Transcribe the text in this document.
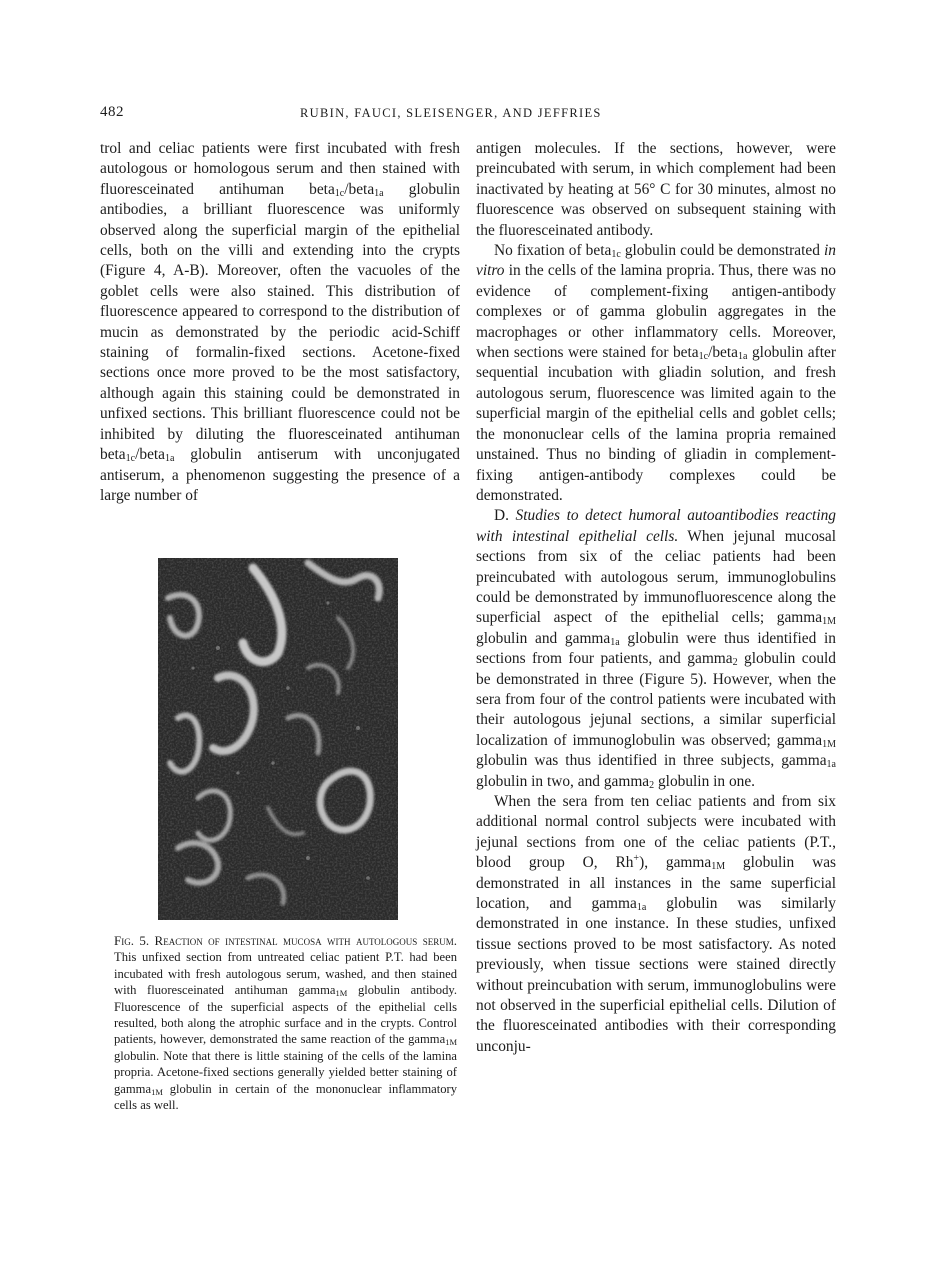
482	RUBIN, FAUCI, SLEISENGER, AND JEFFRIES

trol and celiac patients were first incubated with fresh autologous or homologous serum and then stained with fluoresceinated antihuman beta$_{1c}$/beta$_{1a}$ globulin antibodies, a brilliant fluorescence was uniformly observed along the superficial margin of the epithelial cells, both on the villi and extending into the crypts (Figure 4, A-B). Moreover, often the vacuoles of the goblet cells were also stained. This distribution of fluorescence appeared to correspond to the distribution of mucin as demonstrated by the periodic acid-Schiff staining of formalin-fixed sections. Acetone-fixed sections once more proved to be the most satisfactory, although again this staining could be demonstrated in unfixed sections. This brilliant fluorescence could not be inhibited by diluting the fluoresceinated antihuman beta$_{1c}$/beta$_{1a}$ globulin antiserum with unconjugated antiserum, a phenomenon suggesting the presence of a large number of

Fig. 5. Reaction of intestinal mucosa with autologous serum. This unfixed section from untreated celiac patient P.T. had been incubated with fresh autologous serum, washed, and then stained with fluoresceinated antihuman gamma$_{1M}$ globulin antibody. Fluorescence of the superficial aspects of the epithelial cells resulted, both along the atrophic surface and in the crypts. Control patients, however, demonstrated the same reaction of the gamma$_{1M}$ globulin. Note that there is little staining of the cells of the lamina propria. Acetone-fixed sections generally yielded better staining of gamma$_{1M}$ globulin in certain of the mononuclear inflammatory cells as well.

antigen molecules. If the sections, however, were preincubated with serum, in which complement had been inactivated by heating at 56° C for 30 minutes, almost no fluorescence was observed on subsequent staining with the fluoresceinated antibody.

No fixation of beta$_{1c}$ globulin could be demonstrated in vitro in the cells of the lamina propria. Thus, there was no evidence of complement-fixing antigen-antibody complexes or of gamma globulin aggregates in the macrophages or other inflammatory cells. Moreover, when sections were stained for beta$_{1c}$/beta$_{1a}$ globulin after sequential incubation with gliadin solution, and fresh autologous serum, fluorescence was limited again to the superficial margin of the epithelial cells and goblet cells; the mononuclear cells of the lamina propria remained unstained. Thus no binding of gliadin in complement-fixing antigen-antibody complexes could be demonstrated.

D. Studies to detect humoral autoantibodies reacting with intestinal epithelial cells. When jejunal mucosal sections from six of the celiac patients had been preincubated with autologous serum, immunoglobulins could be demonstrated by immunofluorescence along the superficial aspect of the epithelial cells; gamma$_{1M}$ globulin and gamma$_{1a}$ globulin were thus identified in sections from four patients, and gamma$_2$ globulin could be demonstrated in three (Figure 5). However, when the sera from four of the control patients were incubated with their autologous jejunal sections, a similar superficial localization of immunoglobulin was observed; gamma$_{1M}$ globulin was thus identified in three subjects, gamma$_{1a}$ globulin in two, and gamma$_2$ globulin in one.

When the sera from ten celiac patients and from six additional normal control subjects were incubated with jejunal sections from one of the celiac patients (P.T., blood group O, Rh+), gamma$_{1M}$ globulin was demonstrated in all instances in the same superficial location, and gamma$_{1a}$ globulin was similarly demonstrated in one instance. In these studies, unfixed tissue sections proved to be most satisfactory. As noted previously, when tissue sections were stained directly without preincubation with serum, immunoglobulins were not observed in the superficial epithelial cells. Dilution of the fluoresceinated antibodies with their corresponding unconju-
